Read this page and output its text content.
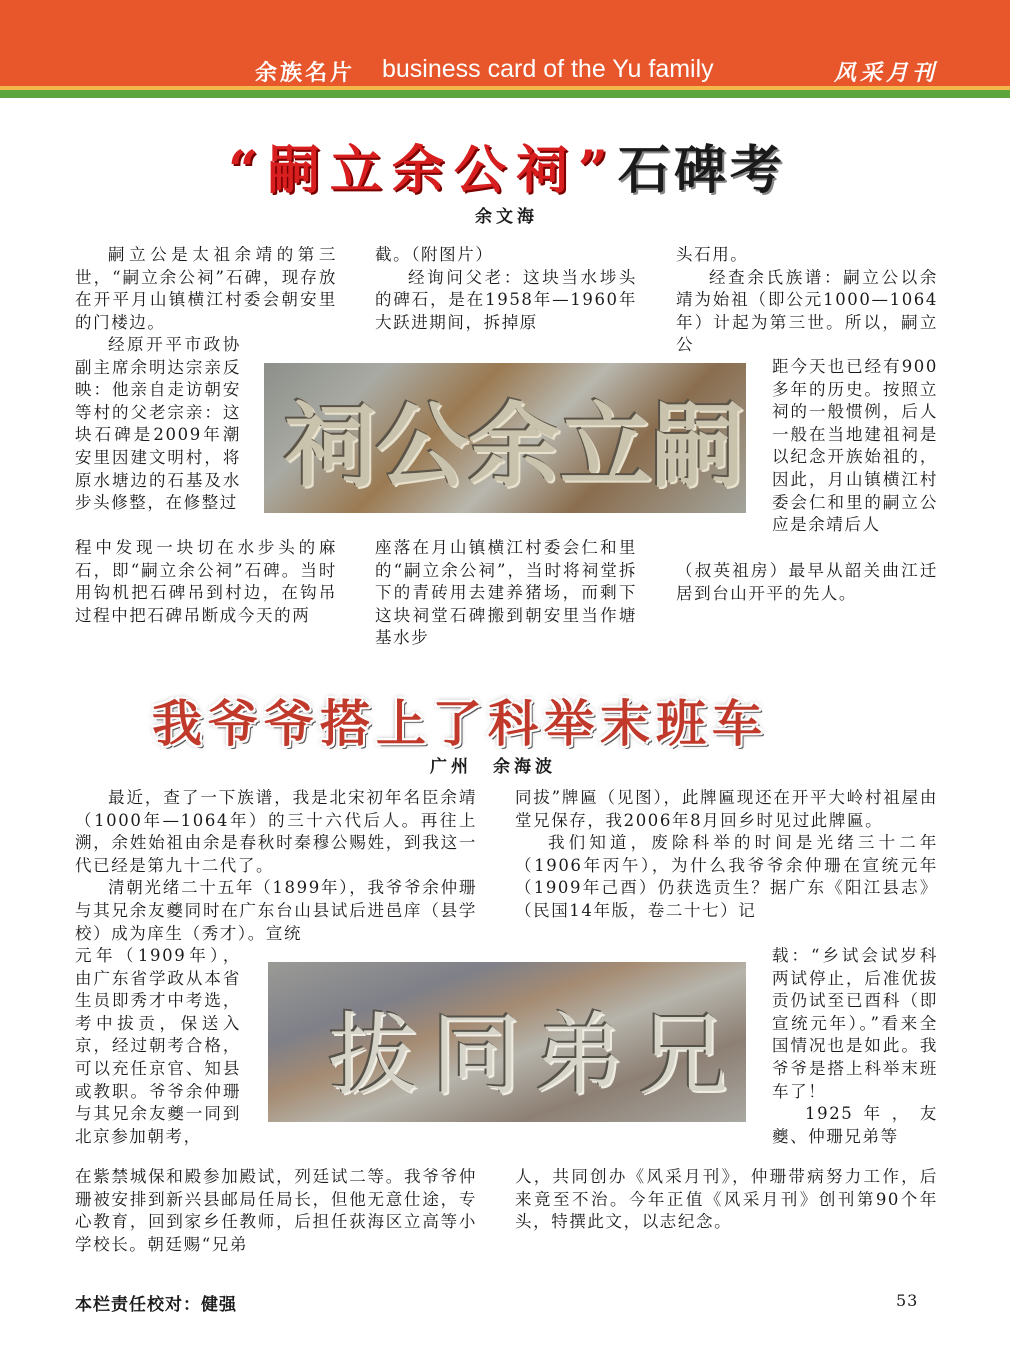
余族名片 business card of the Yu family	风采月刊
“嗣立余公祠”石碑考
余文海

嗣立公是太祖余靖的第三世，“嗣立余公祠”石碑，现存放在开平月山镇横江村委会朝安里的门楼边。

经原开平市政协副主席余明达宗亲反映：他亲自走访朝安等村的父老宗亲：这块石碑是2009年潮安里因建文明村，将原水塘边的石基及水步头修整，在修整过

程中发现一块切在水步头的麻石，即“嗣立余公祠”石碑。当时用钩机把石碑吊到村边，在钩吊过程中把石碑吊断成今天的两

截。（附图片）

经询问父老：这块当水埗头的碑石，是在1958年—1960年大跃进期间，拆掉原

座落在月山镇横江村委会仁和里的“嗣立余公祠”，当时将祠堂拆下的青砖用去建养猪场，而剩下这块祠堂石碑搬到朝安里当作塘基水步

头石用。

经查余氏族谱：嗣立公以余靖为始祖（即公元1000—1064年）计起为第三世。所以，嗣立公

距今天也已经有900多年的历史。按照立祠的一般惯例，后人一般在当地建祖祠是以纪念开族始祖的，因此，月山镇横江村委会仁和里的嗣立公应是余靖后人

（叔英祖房）最早从韶关曲江迁居到台山开平的先人。

祠 公 余 立 嗣
我爷爷搭上了科举末班车
广州　余海波

最近，查了一下族谱，我是北宋初年名臣余靖（1000年—1064年）的三十六代后人。再往上溯，余姓始祖由余是春秋时秦穆公赐姓，到我这一代已经是第九十二代了。

清朝光绪二十五年（1899年），我爷爷余仲珊与其兄余友夔同时在广东台山县试后进邑庠（县学校）成为庠生（秀才）。宣统

元年（1909年），由广东省学政从本省生员即秀才中考选，考中拔贡，保送入京，经过朝考合格，可以充任京官、知县或教职。爷爷余仲珊与其兄余友夔一同到北京参加朝考，

在紫禁城保和殿参加殿试，列廷试二等。我爷爷仲珊被安排到新兴县邮局任局长，但他无意仕途，专心教育，回到家乡任教师，后担任荻海区立高等小学校长。朝廷赐“兄弟

同拔”牌匾（见图），此牌匾现还在开平大岭村祖屋由堂兄保存，我2006年8月回乡时见过此牌匾。

我们知道，废除科举的时间是光绪三十二年（1906年丙午），为什么我爷爷余仲珊在宣统元年（1909年己酉）仍获选贡生？据广东《阳江县志》（民国14年版，卷二十七）记

载：“乡试会试岁科两试停止，后准优拔贡仍试至已酉科（即宣统元年）。”看来全国情况也是如此。我爷爷是搭上科举末班车了！

1925年，友夔、仲珊兄弟等

人，共同创办《风采月刊》，仲珊带病努力工作，后来竟至不治。今年正值《风采月刊》创刊第90个年头，特撰此文，以志纪念。

拔 同 弟 兄
本栏责任校对：健强	53
